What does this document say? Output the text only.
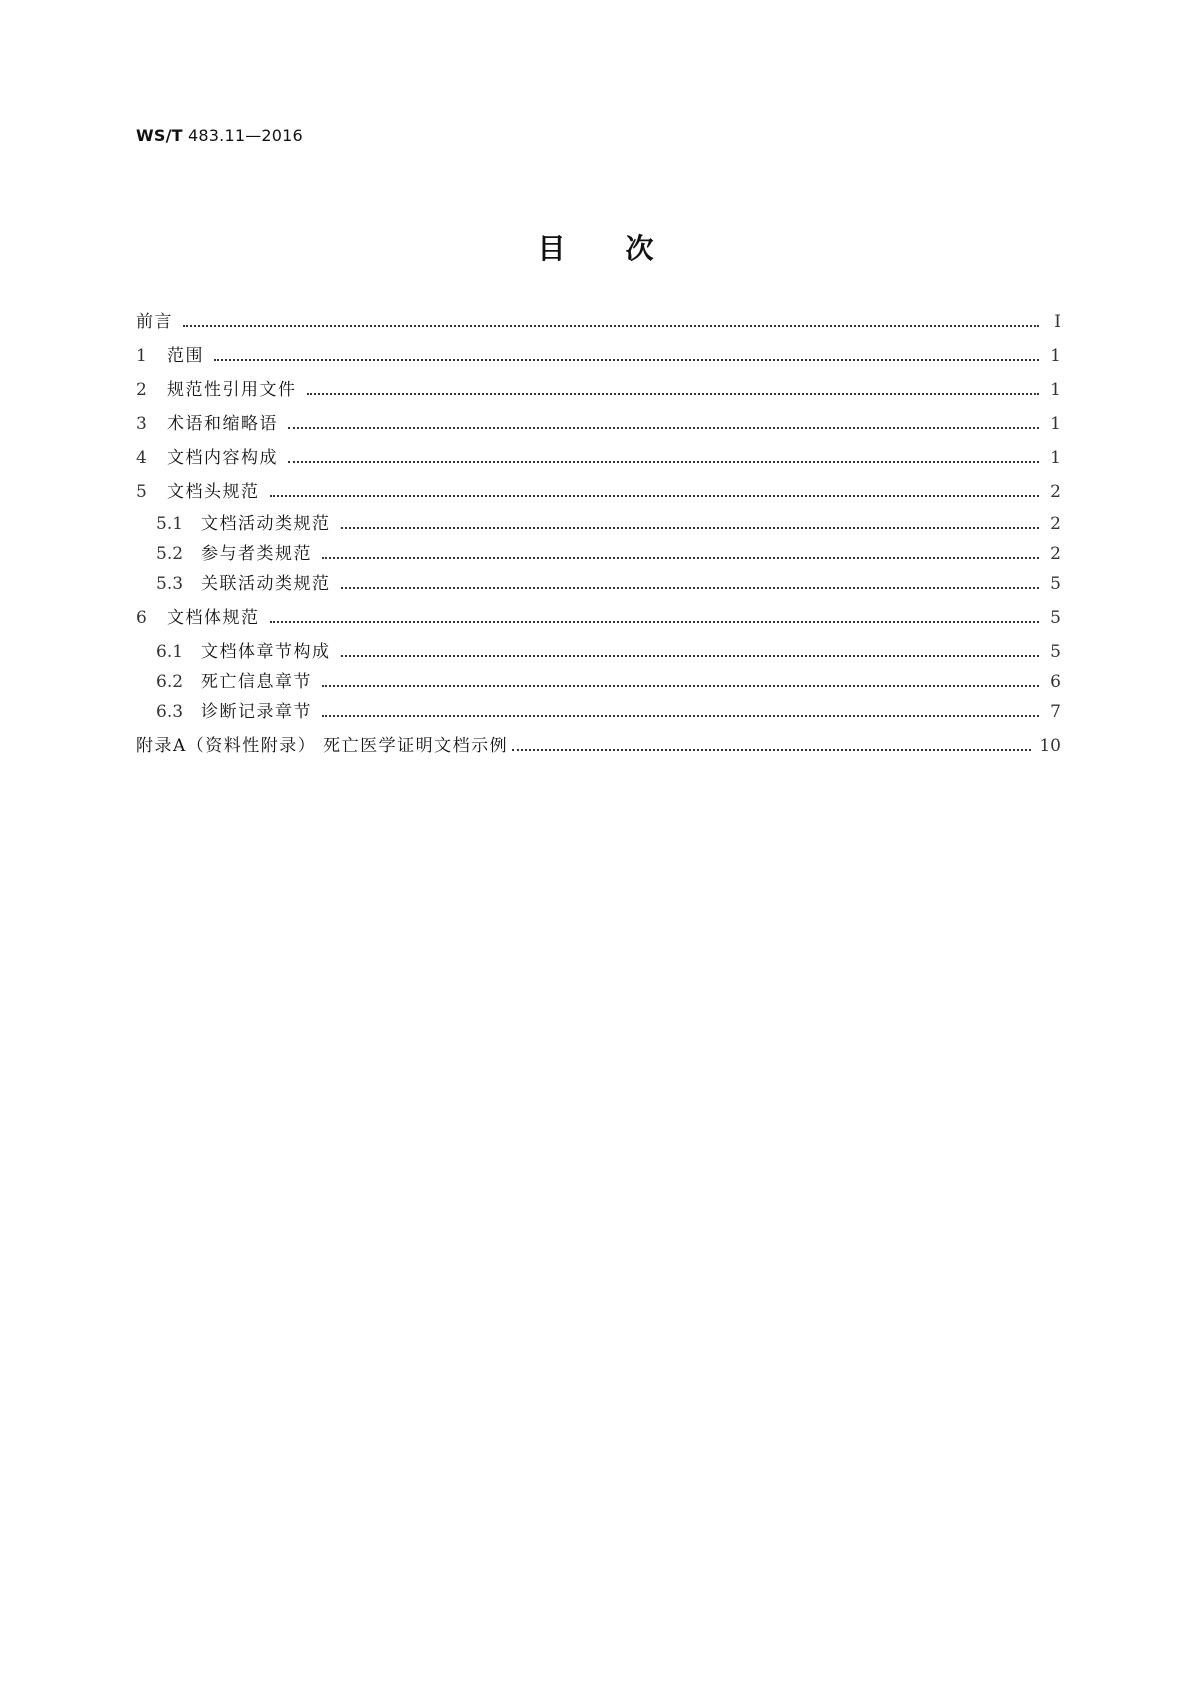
WS/T 483.11—2016
目次
前言	Ⅰ
1	范围	1
2	规范性引用文件	1
3	术语和缩略语	1
4	文档内容构成	1
5	文档头规范	2
5.1	文档活动类规范	2
5.2	参与者类规范	2
5.3	关联活动类规范	5
6	文档体规范	5
6.1	文档体章节构成	5
6.2	死亡信息章节	6
6.3	诊断记录章节	7
附录A（资料性附录） 死亡医学证明文档示例	10
